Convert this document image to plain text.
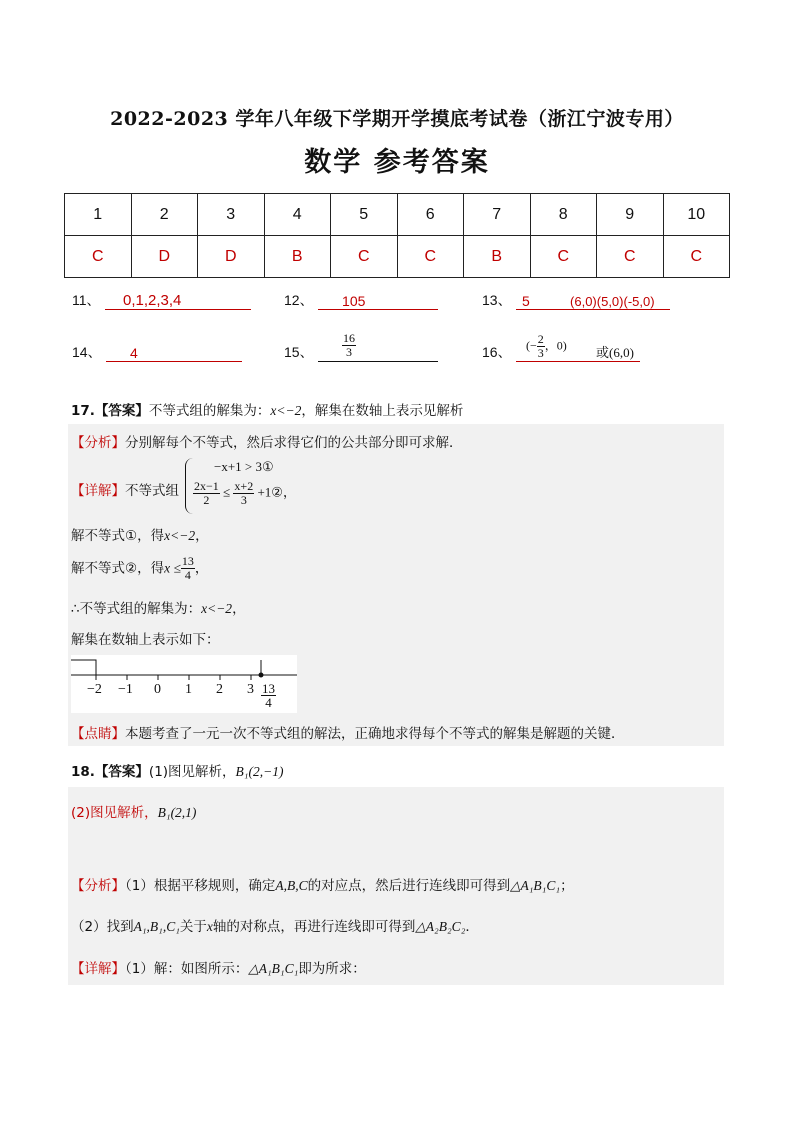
2022-2023 学年八年级下学期开学摸底考试卷（浙江宁波专用）
数学 参考答案
1	2	3	4	5	6	7	8	9	10
C	D	D	B	C	C	B	C	C	C
11、 0,1,2,3,4	12、 105	13、 5	(6,0)(5,0)(-5,0)
14、 4	15、 $\frac{16}{3}$	16、 (− $\frac{2}{3}$ ，0)
或(6,0)
17.【答案】不等式组的解集为：x<−2，解集在数轴上表示见解析
【分析】分别解每个不等式，然后求得它们的公共部分即可求解．
【详解】不等式组
−x+1 > 3①
$\frac{2x-1}{2} \le \frac{x+2}{3}$ +1②，
解不等式①，得x<−2，
解不等式②，得$x \le \frac{13}{4}$ ，
∴不等式组的解集为：x<−2，
解集在数轴上表示如下：
−2 −1 0 1 2 $3 \frac{13}{4}$
【点睛】本题考查了一元一次不等式组的解法，正确地求得每个不等式的解集是解题的关键．
18.【答案】(1)图见解析，B₁(2,−1)
(2)图见解析，B₁(2,1)
【分析】（1）根据平移规则，确定A,B,C的对应点，然后进行连线即可得到△A₁B₁C₁；
（2）找到A₁,B₁,C₁关于x轴的对称点，再进行连线即可得到△A₂B₂C₂．
【详解】（1）解：如图所示：△A₁B₁C₁即为所求：
